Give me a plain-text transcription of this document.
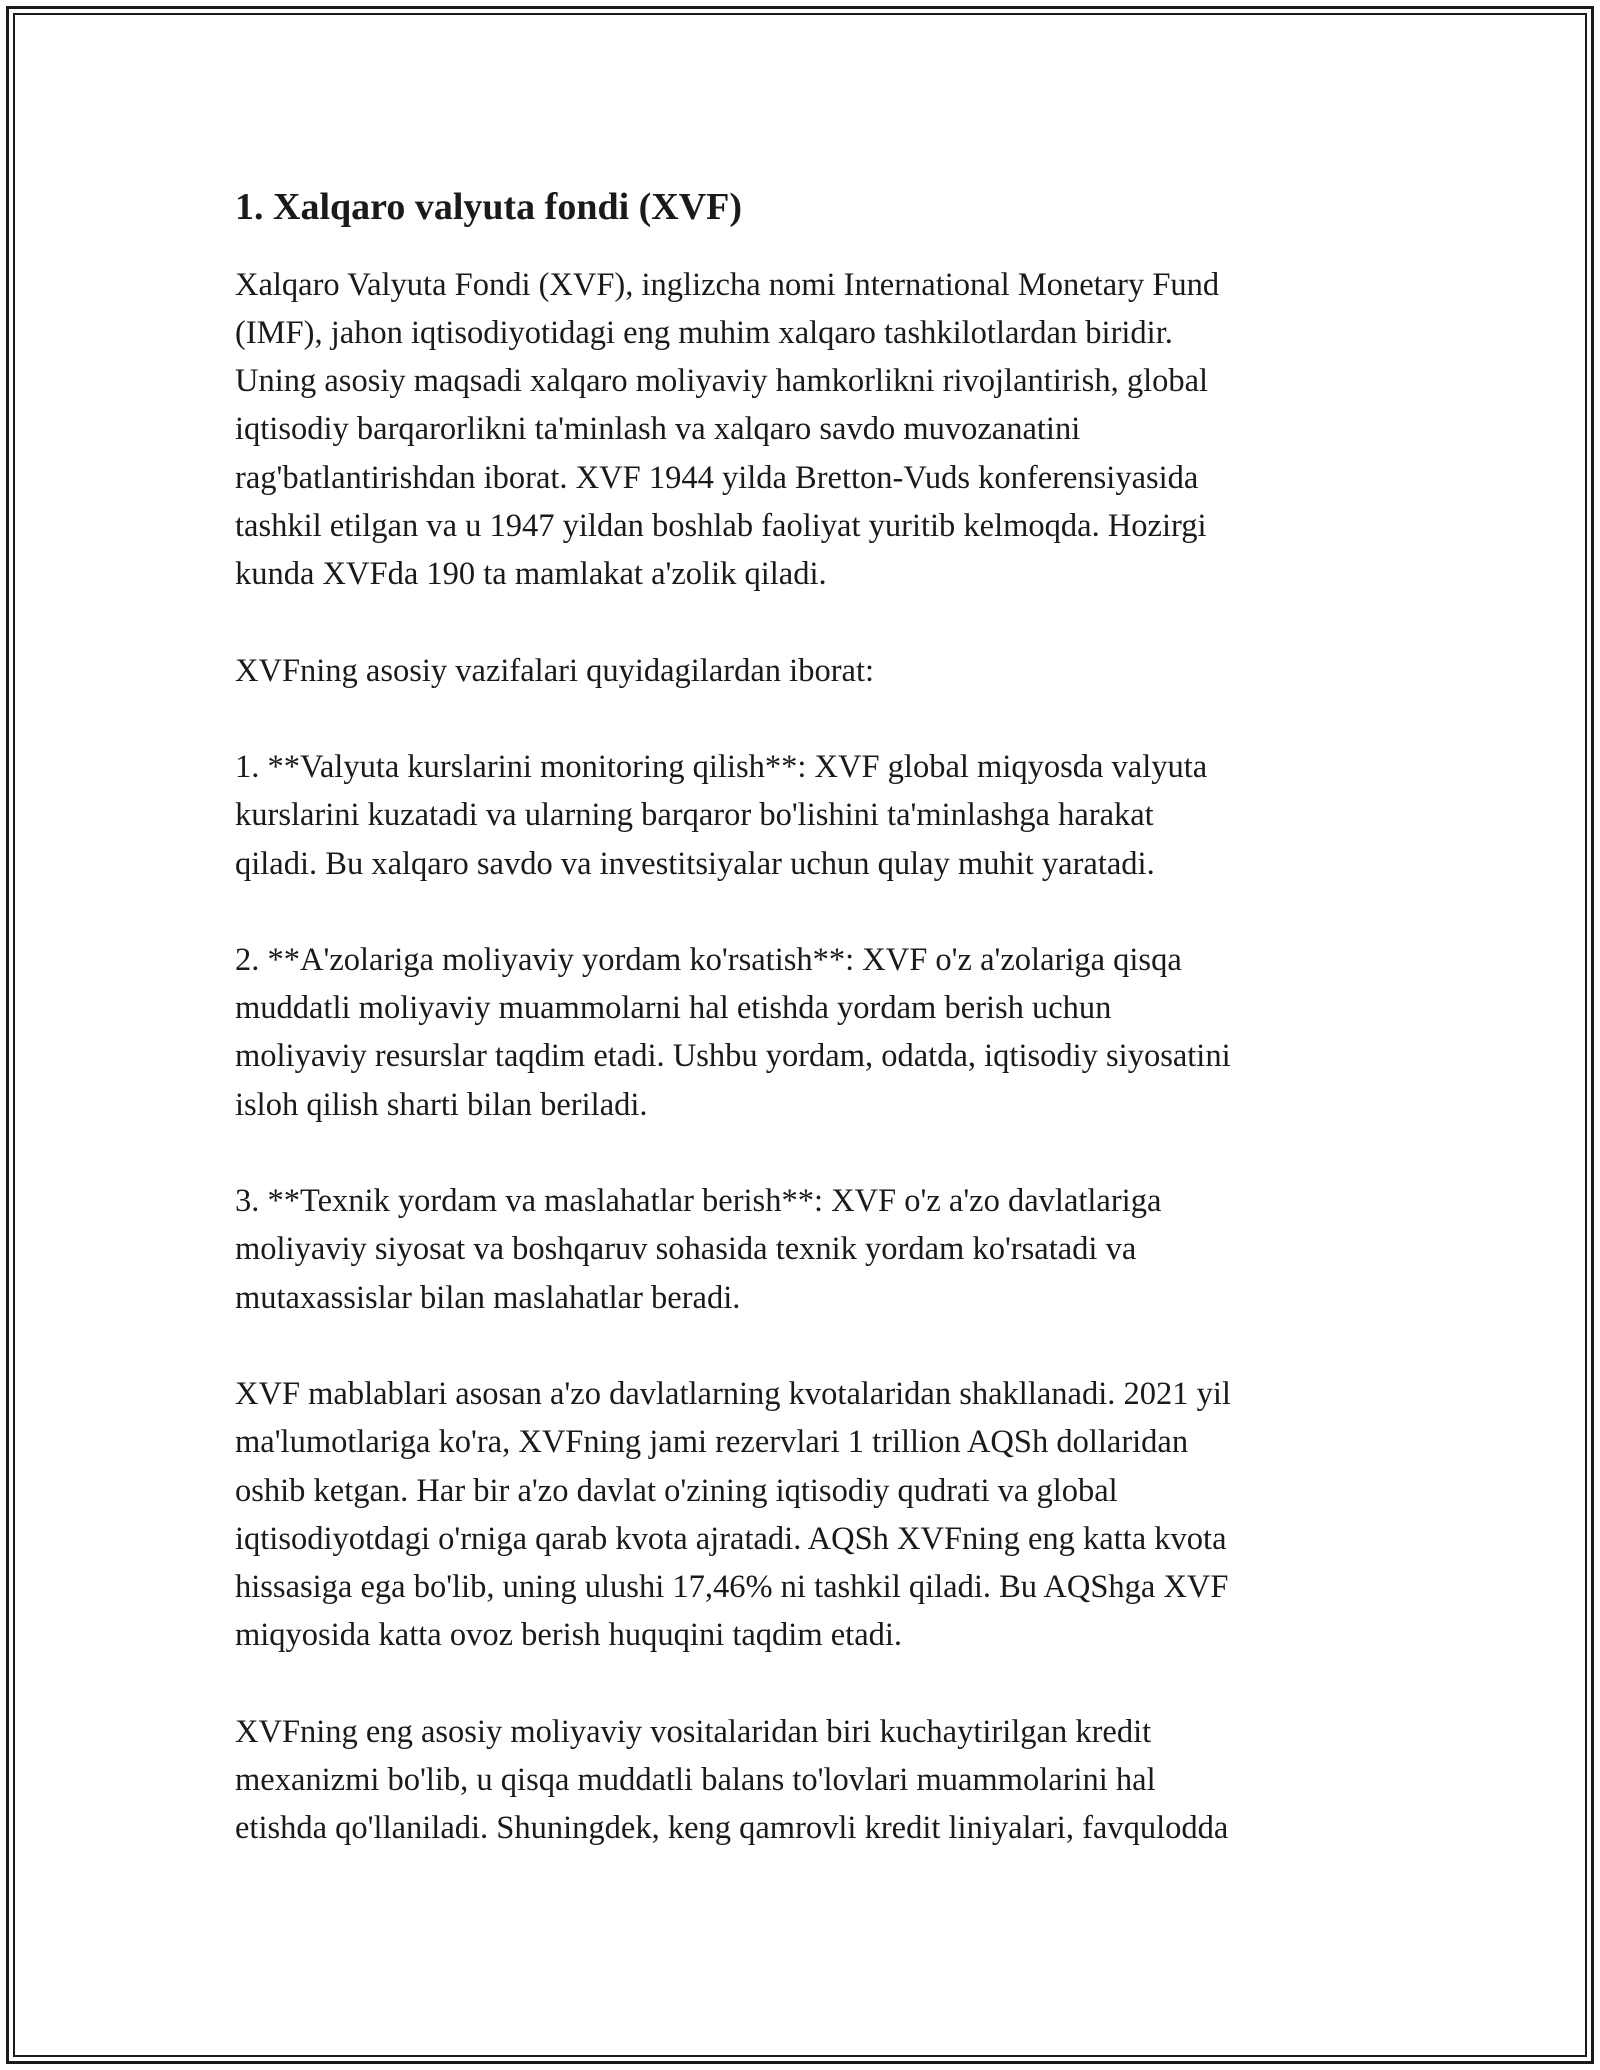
1. Xalqaro valyuta fondi (XVF)
Xalqaro Valyuta Fondi (XVF), inglizcha nomi International Monetary Fund
(IMF), jahon iqtisodiyotidagi eng muhim xalqaro tashkilotlardan biridir.
Uning asosiy maqsadi xalqaro moliyaviy hamkorlikni rivojlantirish, global
iqtisodiy barqarorlikni ta'minlash va xalqaro savdo muvozanatini
rag'batlantirishdan iborat. XVF 1944 yilda Bretton-Vuds konferensiyasida
tashkil etilgan va u 1947 yildan boshlab faoliyat yuritib kelmoqda. Hozirgi
kunda XVFda 190 ta mamlakat a'zolik qiladi.
XVFning asosiy vazifalari quyidagilardan iborat:
1. **Valyuta kurslarini monitoring qilish**: XVF global miqyosda valyuta
kurslarini kuzatadi va ularning barqaror bo'lishini ta'minlashga harakat
qiladi. Bu xalqaro savdo va investitsiyalar uchun qulay muhit yaratadi.
2. **A'zolariga moliyaviy yordam ko'rsatish**: XVF o'z a'zolariga qisqa
muddatli moliyaviy muammolarni hal etishda yordam berish uchun
moliyaviy resurslar taqdim etadi. Ushbu yordam, odatda, iqtisodiy siyosatini
isloh qilish sharti bilan beriladi.
3. **Texnik yordam va maslahatlar berish**: XVF o'z a'zo davlatlariga
moliyaviy siyosat va boshqaruv sohasida texnik yordam ko'rsatadi va
mutaxassislar bilan maslahatlar beradi.
XVF mablablari asosan a'zo davlatlarning kvotalaridan shakllanadi. 2021 yil
ma'lumotlariga ko'ra, XVFning jami rezervlari 1 trillion AQSh dollaridan
oshib ketgan. Har bir a'zo davlat o'zining iqtisodiy qudrati va global
iqtisodiyotdagi o'rniga qarab kvota ajratadi. AQSh XVFning eng katta kvota
hissasiga ega bo'lib, uning ulushi 17,46% ni tashkil qiladi. Bu AQShga XVF
miqyosida katta ovoz berish huquqini taqdim etadi.
XVFning eng asosiy moliyaviy vositalaridan biri kuchaytirilgan kredit
mexanizmi bo'lib, u qisqa muddatli balans to'lovlari muammolarini hal
etishda qo'llaniladi. Shuningdek, keng qamrovli kredit liniyalari, favqulodda
